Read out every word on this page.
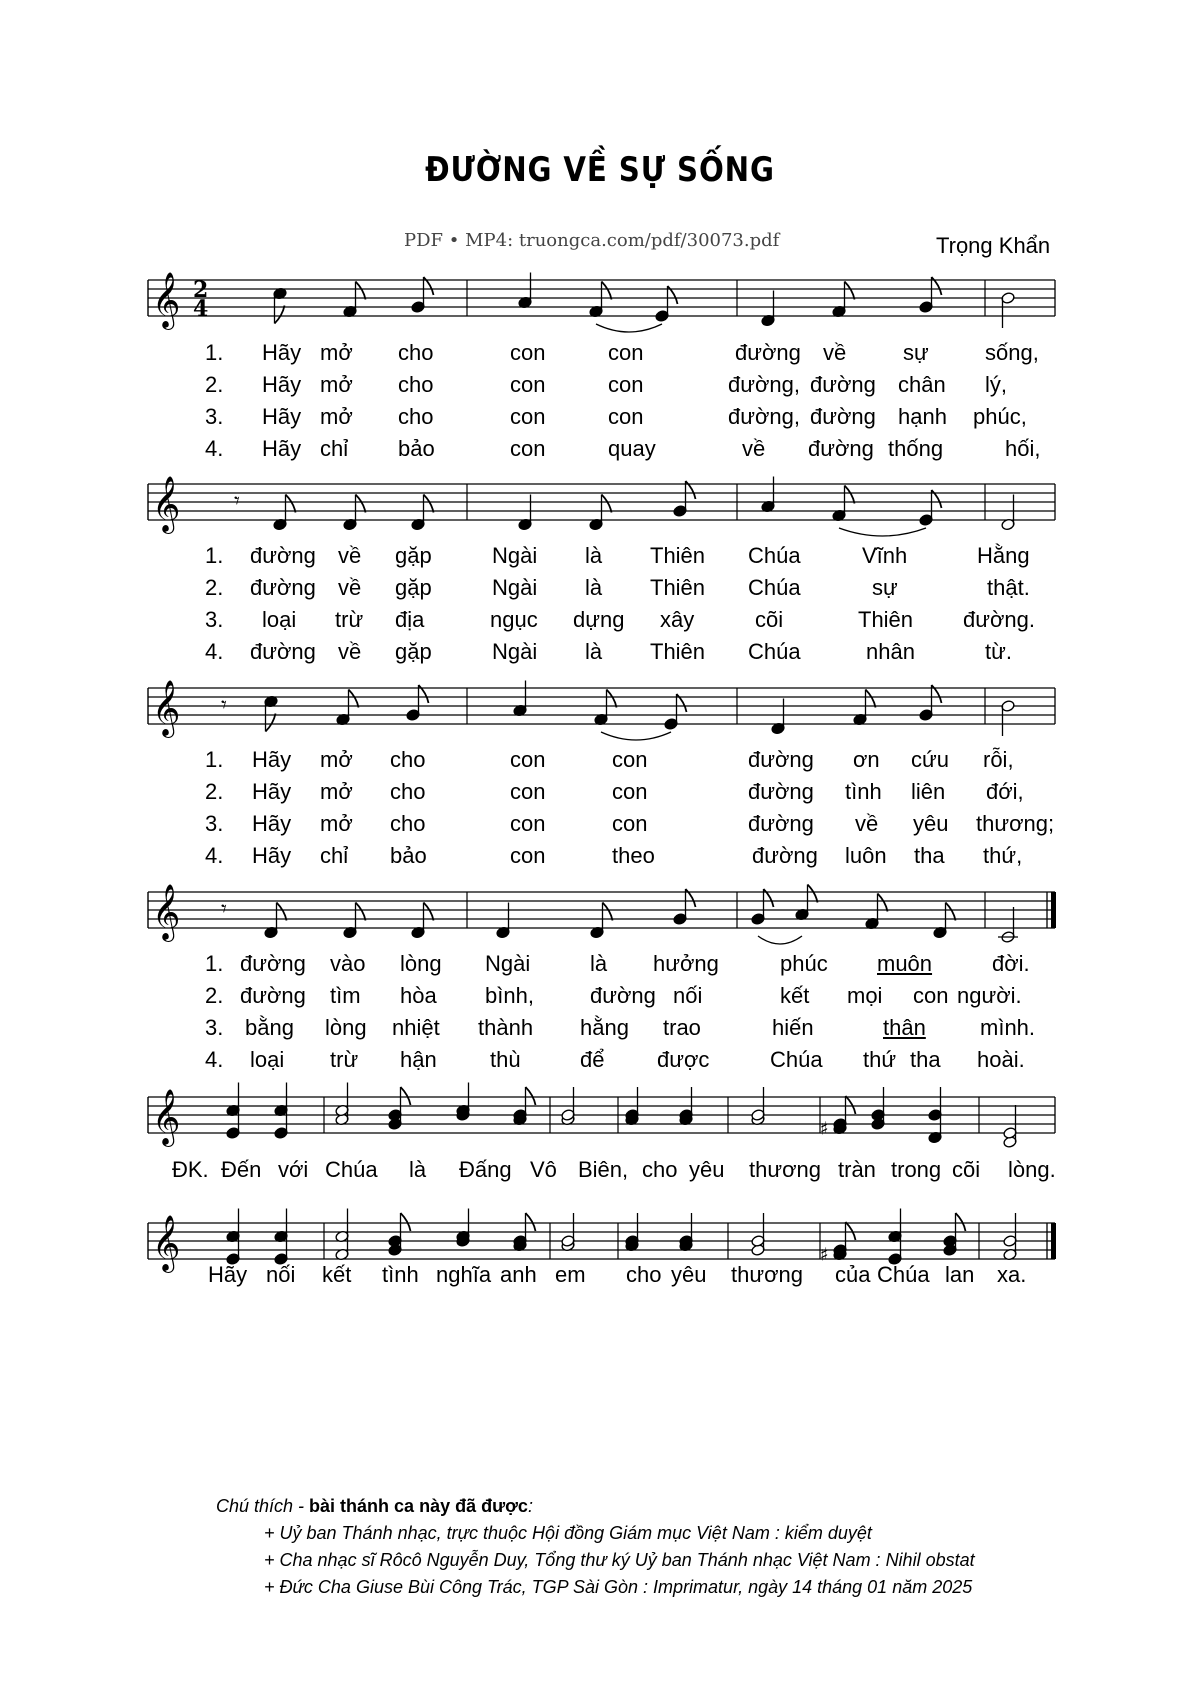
ĐƯỜNG VỀ SỰ SỐNG
PDF • MP4: truongca.com/pdf/30073.pdf	Trọng Khẩn
2
4
𝄞
𝄞 𝄾
𝄞 𝄾
𝄞 𝄾
𝄞	♯
𝄞	♯
1. Hãy mở cho	con	con	đường về	sự	sống,
2. Hãy mở cho	con	con	đường, đường chân lý,
3. Hãy mở cho	con	con	đường, đường hạnh phúc,
4. Hãy chỉ bảo	con	quay	về đường thống	hối,
1. đường về gặp	Ngài là Thiên Chúa	Vĩnh	Hằng
2. đường về gặp	Ngài là Thiên Chúa	sự	thật.
3. loại trừ địa	ngục dựng xây	cõi	Thiên đường.
4. đường về gặp	Ngài là Thiên Chúa	nhân	từ.
1. Hãy mở cho	con	con	đường ơn cứu rỗi,
2. Hãy mở cho	con	con	đường tình liên đới,
3. Hãy mở cho	con	con	đường về yêu thương;
4. Hãy chỉ bảo	con	theo	đường luôn tha thứ,
1. đường vào lòng Ngài	là hưởng	phúc muôn	đời.
2. đường tìm hòa bình,	đường nối	kết mọi con người.
3. bằng lòng nhiệt thành hằng trao	hiến	thân mình.
4. loại trừ hận thù	để được	Chúa thứ tha hoài.
ĐK. Đến với Chúa là Đấng Vô Biên, cho yêu thương tràn trong cõi lòng.
Hãy nối kết tình nghĩa anh em cho yêu thương của Chúa lan xa.
Chú thích - bài thánh ca này đã được:
+ Uỷ ban Thánh nhạc, trực thuộc Hội đồng Giám mục Việt Nam : kiểm duyệt
+ Cha nhạc sĩ Rôcô Nguyễn Duy, Tổng thư ký Uỷ ban Thánh nhạc Việt Nam : Nihil obstat
+ Đức Cha Giuse Bùi Công Trác, TGP Sài Gòn : Imprimatur, ngày 14 tháng 01 năm 2025
